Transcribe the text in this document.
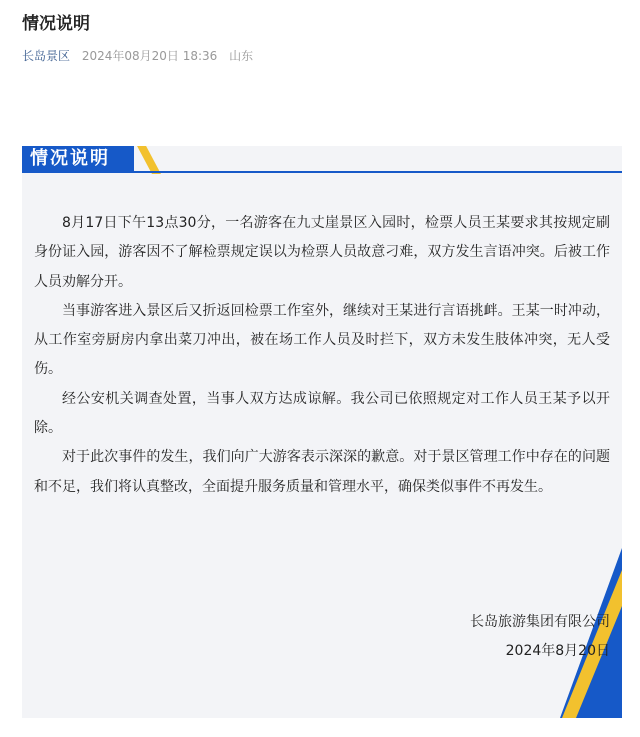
情况说明
长岛景区 2024年08月20日 18:36 山东
情况说明

8月17日下午13点30分，一名游客在九丈崖景区入园时，检票人员王某要求其按规定刷身份证入园，游客因不了解检票规定误以为检票人员故意刁难，双方发生言语冲突。后被工作人员劝解分开。

当事游客进入景区后又折返回检票工作室外，继续对王某进行言语挑衅。王某一时冲动，从工作室旁厨房内拿出菜刀冲出，被在场工作人员及时拦下，双方未发生肢体冲突，无人受伤。

经公安机关调查处置，当事人双方达成谅解。我公司已依照规定对工作人员王某予以开除。

对于此次事件的发生，我们向广大游客表示深深的歉意。对于景区管理工作中存在的问题和不足，我们将认真整改，全面提升服务质量和管理水平，确保类似事件不再发生。

长岛旅游集团有限公司
2024年8月20日
